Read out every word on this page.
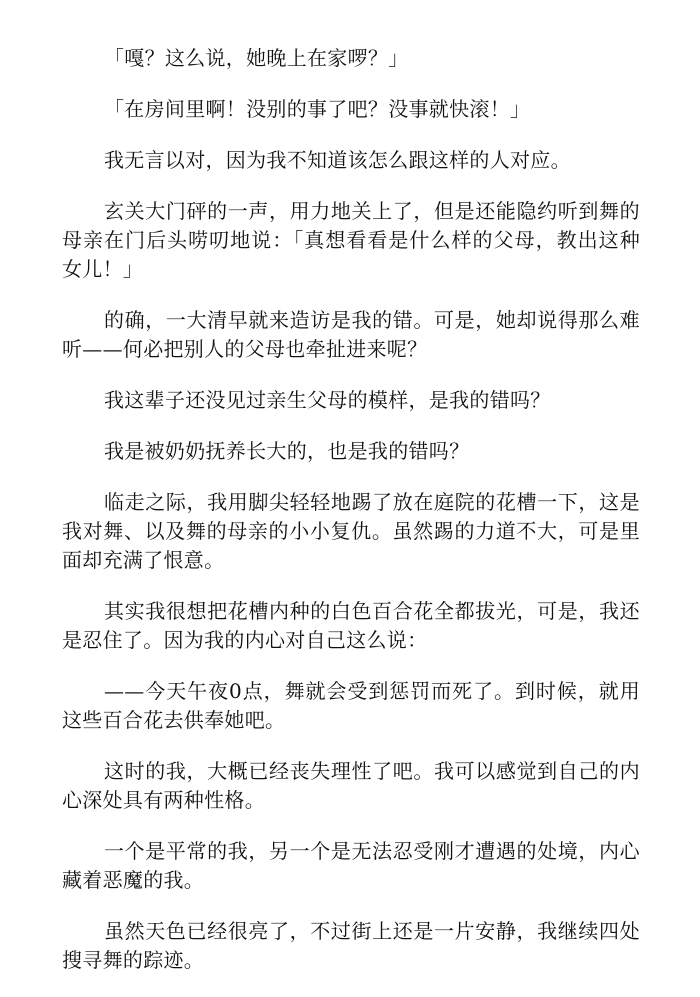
「嘎？这么说，她晚上在家啰？」

「在房间里啊！没别的事了吧？没事就快滚！」

我无言以对，因为我不知道该怎么跟这样的人对应。

玄关大门砰的一声，用力地关上了，但是还能隐约听到舞的母亲在门后头唠叨地说：「真想看看是什么样的父母，教出这种女儿！」

的确，一大清早就来造访是我的错。可是，她却说得那么难听——何必把别人的父母也牵扯进来呢？

我这辈子还没见过亲生父母的模样，是我的错吗？

我是被奶奶抚养长大的，也是我的错吗？

临走之际，我用脚尖轻轻地踢了放在庭院的花槽一下，这是我对舞、以及舞的母亲的小小复仇。虽然踢的力道不大，可是里面却充满了恨意。

其实我很想把花槽内种的白色百合花全都拔光，可是，我还是忍住了。因为我的内心对自己这么说：

——今天午夜0点，舞就会受到惩罚而死了。到时候，就用这些百合花去供奉她吧。

这时的我，大概已经丧失理性了吧。我可以感觉到自己的内心深处具有两种性格。

一个是平常的我，另一个是无法忍受刚才遭遇的处境，内心藏着恶魔的我。

虽然天色已经很亮了，不过街上还是一片安静，我继续四处搜寻舞的踪迹。
